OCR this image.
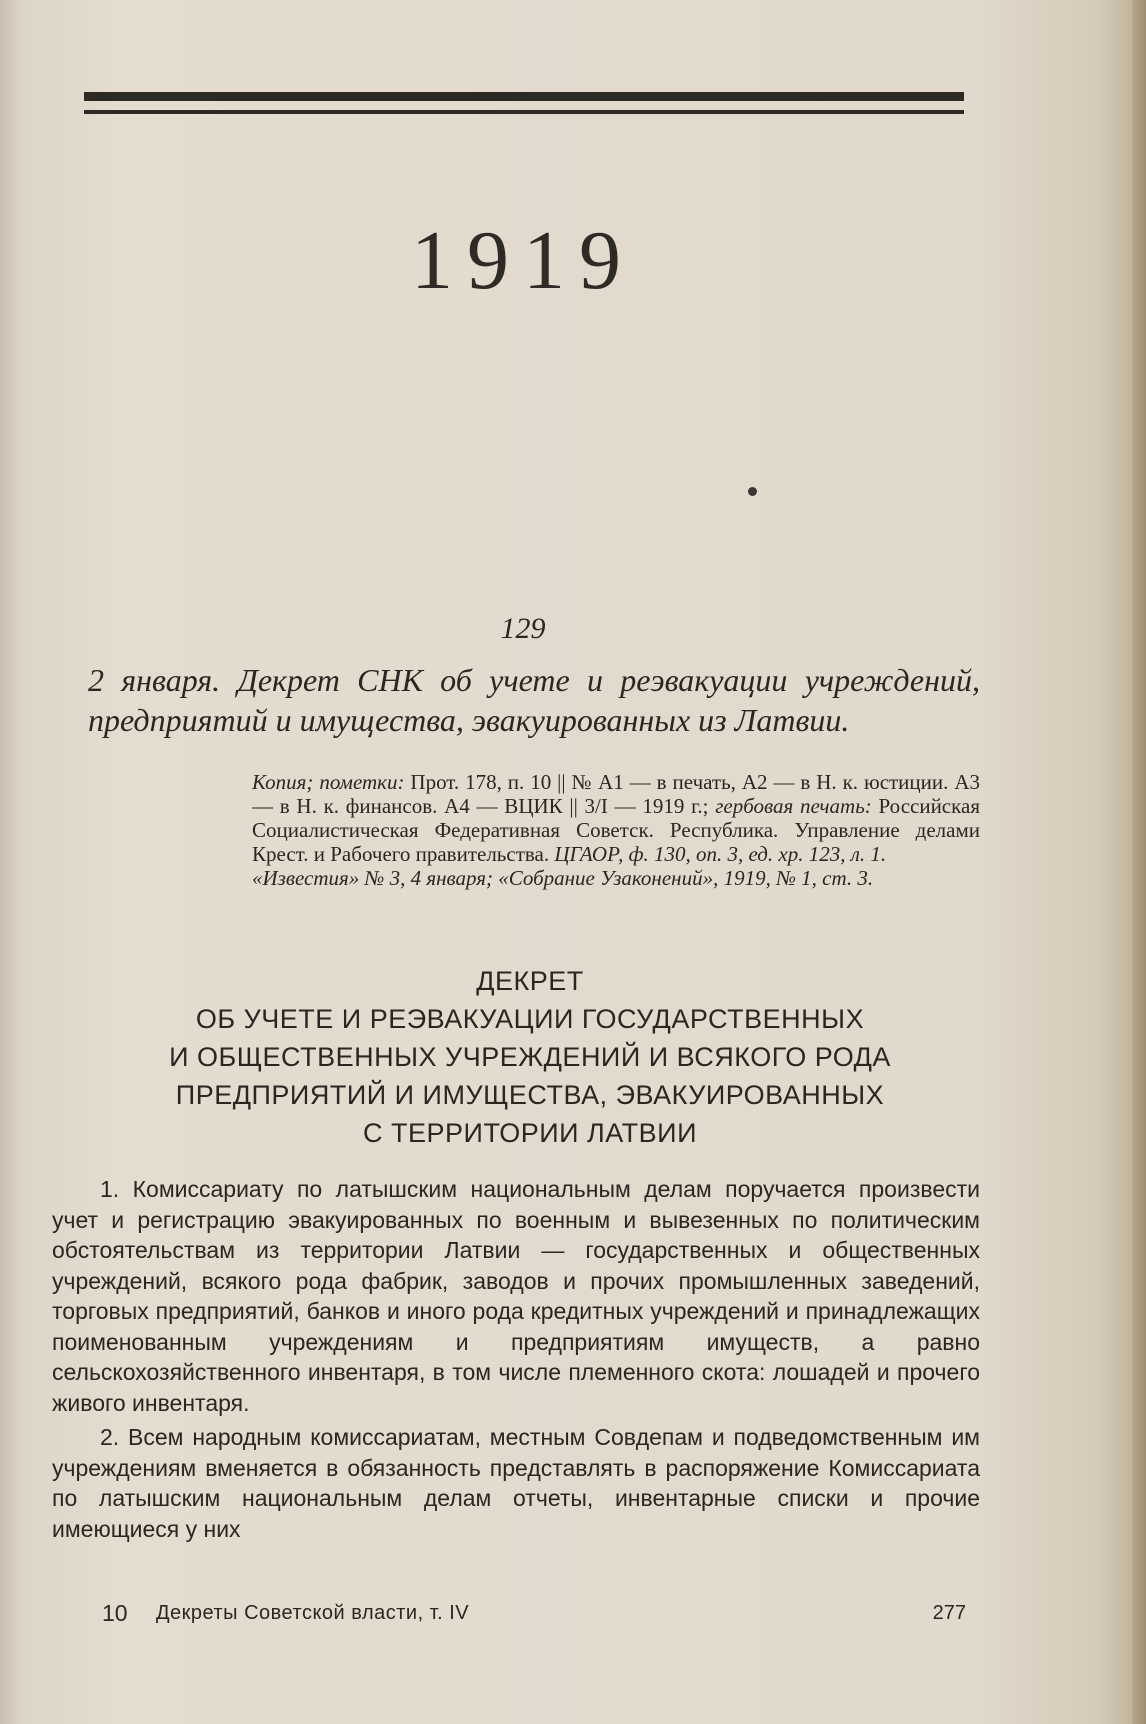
1919
129
2 января. Декрет СНК об учете и реэвакуации учреждений, предприятий и имущества, эвакуированных из Латвии.

Копия; пометки: Прот. 178, п. 10 || № А1 — в печать, А2 — в Н. к. юстиции. А3 — в Н. к. финансов. А4 — ВЦИК || 3/I — 1919 г.; гербовая печать: Российская Социалистическая Федеративная Советск. Республика. Управление делами Крест. и Рабочего правительства. ЦГАОР, ф. 130, оп. 3, ед. хр. 123, л. 1.

«Известия» № 3, 4 января; «Собрание Узаконений», 1919, № 1, ст. 3.

ДЕКРЕТ
ОБ УЧЕТЕ И РЕЭВАКУАЦИИ ГОСУДАРСТВЕННЫХ
И ОБЩЕСТВЕННЫХ УЧРЕЖДЕНИЙ И ВСЯКОГО РОДА
ПРЕДПРИЯТИЙ И ИМУЩЕСТВА, ЭВАКУИРОВАННЫХ
С ТЕРРИТОРИИ ЛАТВИИ

1. Комиссариату по латышским национальным делам поручается произвести учет и регистрацию эвакуированных по военным и вывезенных по политическим обстоятельствам из территории Латвии — государственных и общественных учреждений, всякого рода фабрик, заводов и прочих промышленных заведений, торговых предприятий, банков и иного рода кредитных учреждений и принадлежащих поименованным учреждениям и предприятиям имуществ, а равно сельскохозяйственного инвентаря, в том числе племенного скота: лошадей и прочего живого инвентаря.

2. Всем народным комиссариатам, местным Совдепам и подведомственным им учреждениям вменяется в обязанность представлять в распоряжение Комиссариата по латышским национальным делам отчеты, инвентарные списки и прочие имеющиеся у них

10 Декреты Советской власти, т. IV	277
